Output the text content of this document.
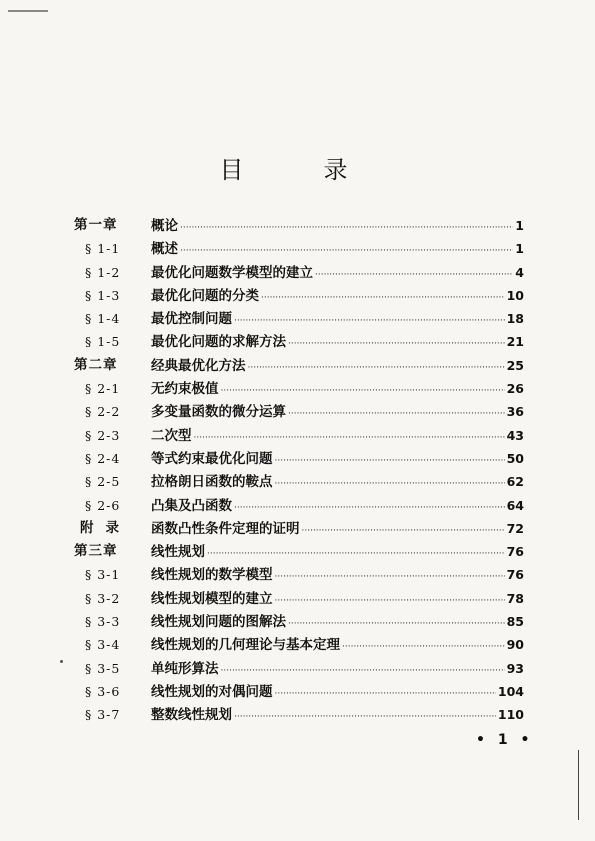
目　录
第一章 概论 ·····	1
§ 1-1 概述 ·····	1
§ 1-2 最优化问题数学模型的建立 ·····	4
§ 1-3 最优化问题的分类 ·····	10
§ 1-4 最优控制问题 ·····	18
§ 1-5 最优化问题的求解方法 ·····	21
第二章 经典最优化方法 ·····	25
§ 2-1 无约束极值 ·····	26
§ 2-2 多变量函数的微分运算 ·····	36
§ 2-3 二次型 ·····	43
§ 2-4 等式约束最优化问题 ·····	50
§ 2-5 拉格朗日函数的鞍点 ·····	62
§ 2-6 凸集及凸函数 ·····	64
附录 函数凸性条件定理的证明 ·····	72
第三章 线性规划 ·····	76
§ 3-1 线性规划的数学模型 ·····	76
§ 3-2 线性规划模型的建立 ·····	78
§ 3-3 线性规划问题的图解法 ·····	85
§ 3-4 线性规划的几何理论与基本定理 ·····	90
§ 3-5 单纯形算法 ·····	93
§ 3-6 线性规划的对偶问题 ·····	104
§ 3-7 整数线性规划 ·····	110
• 1 •
